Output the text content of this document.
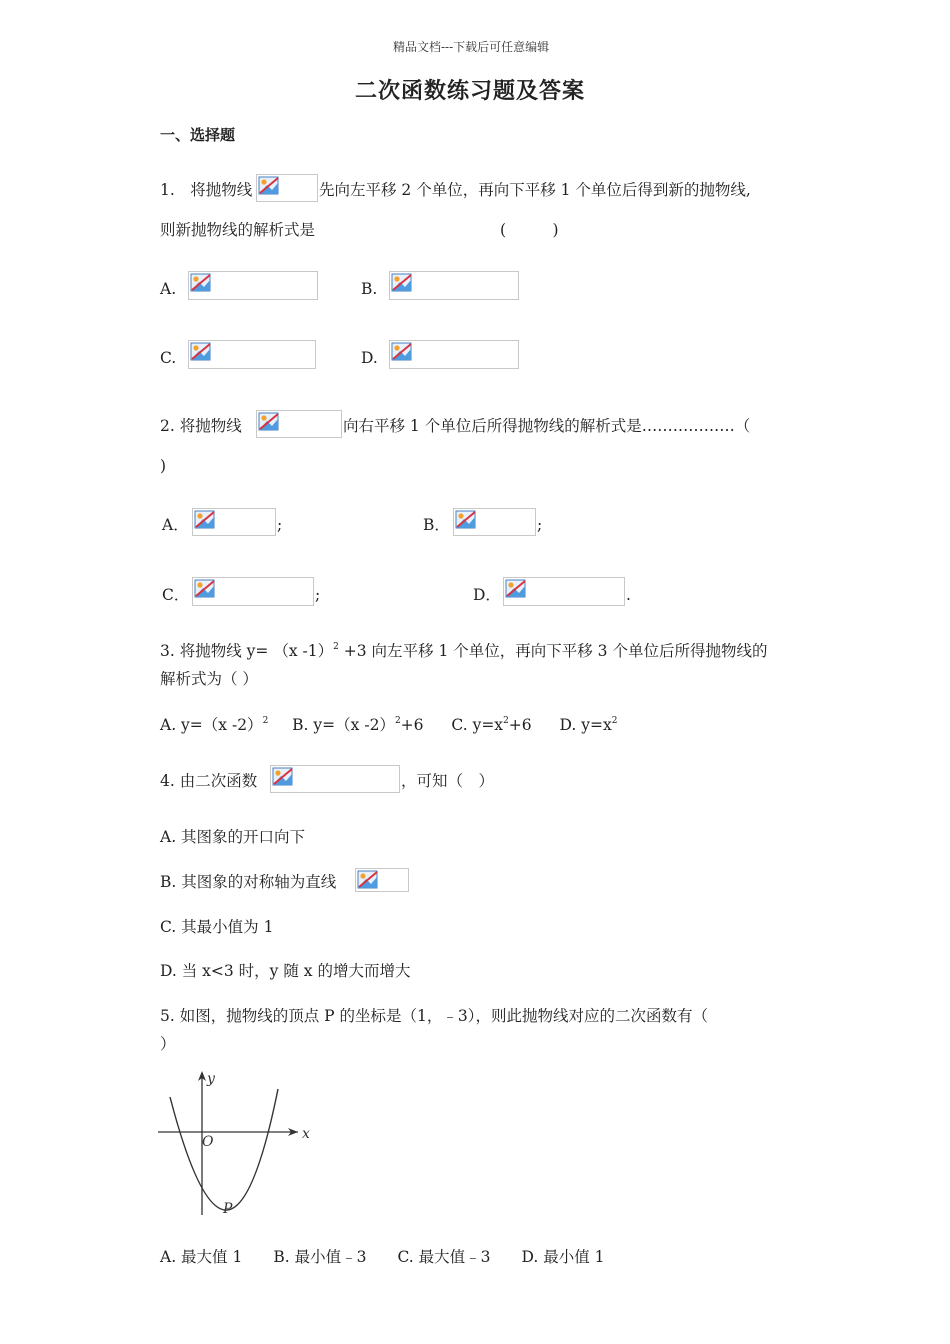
精品文档---下载后可任意编辑
二次函数练习题及答案
一、选择题
1.　将抛物线	先向左平移 2 个单位，再向下平移 1 个单位后得到新的抛物线,
则新抛物线的解析式是	(　　　)
A.	B.
C.	D.
2. 将抛物线	向右平移 1 个单位后所得抛物线的解析式是………………（
)
A．	;	B．	;
C．	;	D．	.
3. 将抛物线 y= （x -1）$^2$ +3 向左平移 1 个单位，再向下平移 3 个单位后所得抛物线的
解析式为（ ）
A. y=（x -2）$^2$ B. y=（x -2）$^2$+6 C. $y=x^2+6$ D. $y=x^2$
4. 由二次函数	，可知（　）
A. 其图象的开口向下
B. 其图象的对称轴为直线
C. 其最小值为 1
D. 当 x<3 时，y 随 x 的增大而增大
5. 如图，抛物线的顶点 P 的坐标是（1，﹣3），则此抛物线对应的二次函数有（
）
y
x
O
P
A. 最大值 1　　B. 最小值﹣3　　C. 最大值﹣3　　D. 最小值 1
